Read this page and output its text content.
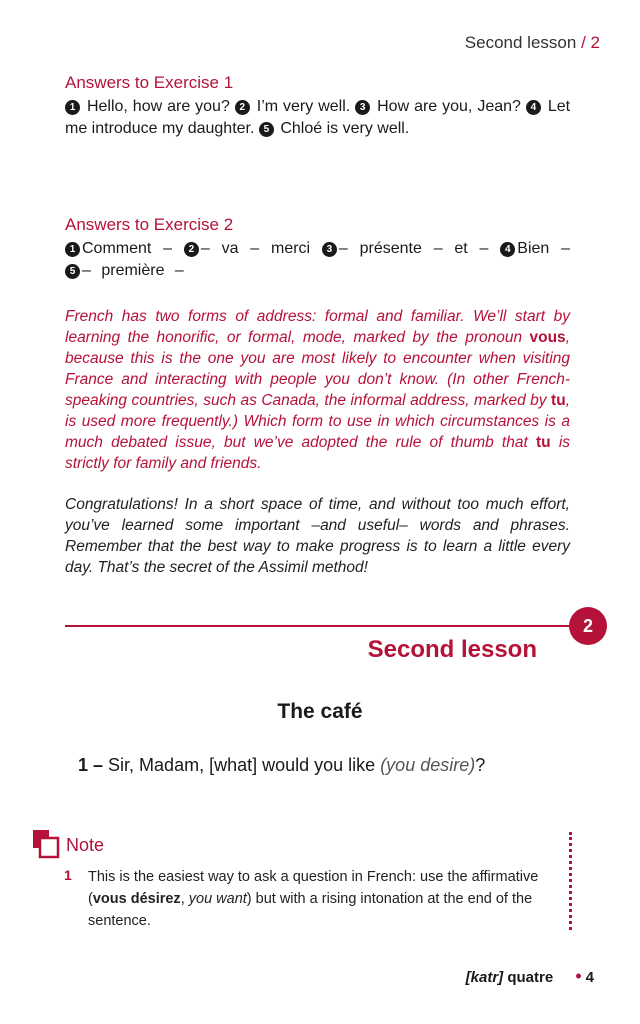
Second lesson / 2
Answers to Exercise 1
1 Hello, how are you? 2 I’m very well. 3 How are you, Jean? 4 Let me introduce my daughter. 5 Chloé is very well.
Answers to Exercise 2
1 Comment – 2 – va – merci 3 – présente – et – 4 Bien – 5 – première –
French has two forms of address: formal and familiar. We’ll start by learning the honorific, or formal, mode, marked by the pronoun vous, because this is the one you are most likely to encounter when visiting France and interacting with people you don’t know. (In other French-speaking countries, such as Canada, the informal address, marked by tu, is used more frequently.) Which form to use in which circumstances is a much debated issue, but we’ve adopted the rule of thumb that tu is strictly for family and friends.
Congratulations! In a short space of time, and without too much effort, you’ve learned some important –and useful– words and phrases. Remember that the best way to make progress is to learn a little every day. That’s the secret of the Assimil method!
2
Second lesson
The café
1 – Sir, Madam, [what] would you like (you desire)?
Note
1 This is the easiest way to ask a question in French: use the affirmative (vous désirez, you want) but with a rising intonation at the end of the sentence.
[katr] quatre • 4
